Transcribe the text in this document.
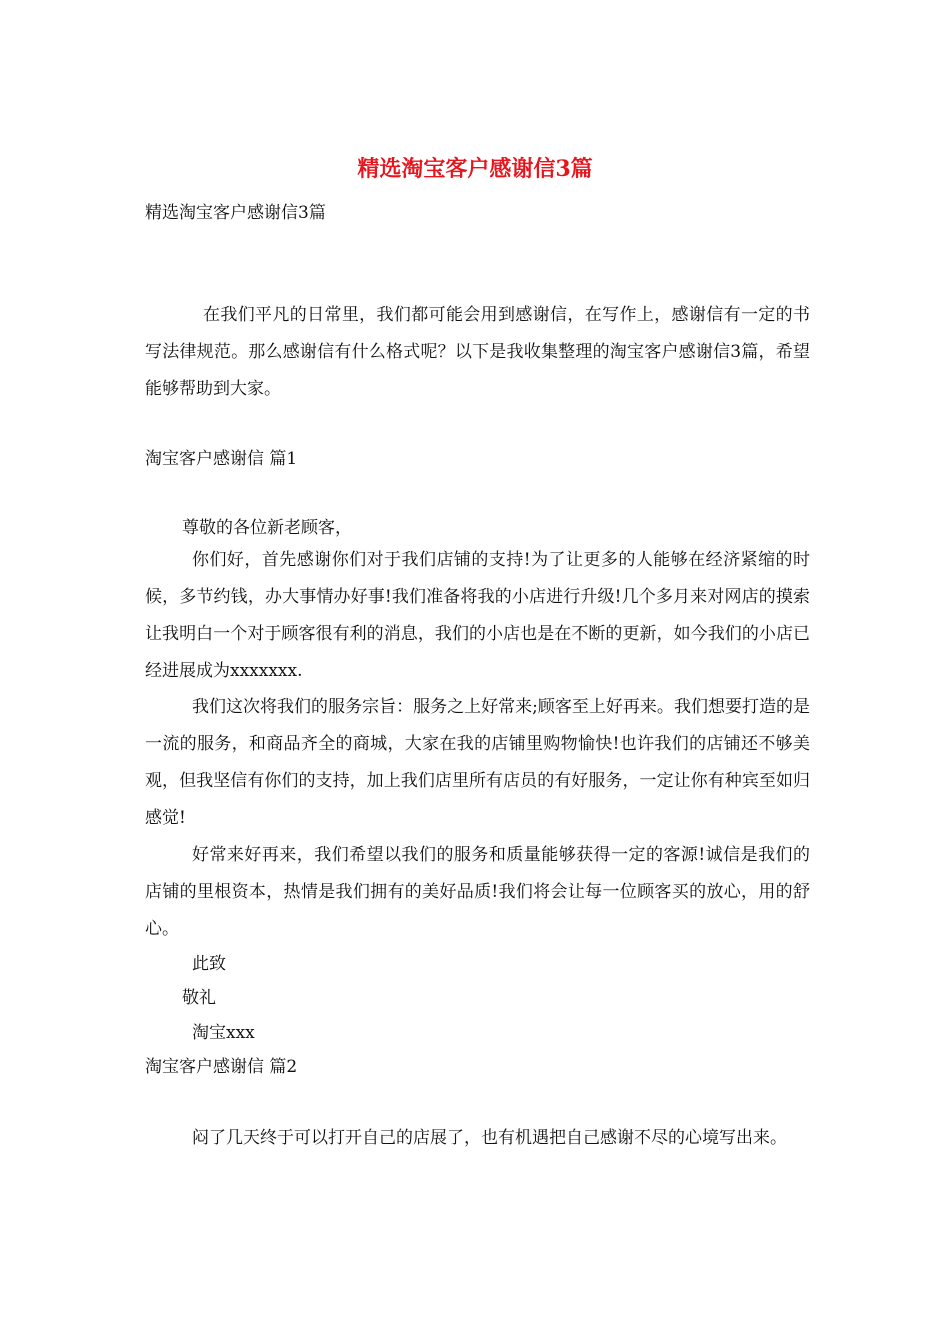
精选淘宝客户感谢信3篇

精选淘宝客户感谢信3篇

在我们平凡的日常里，我们都可能会用到感谢信，在写作上，感谢信有一定的书写法律规范。那么感谢信有什么格式呢？以下是我收集整理的淘宝客户感谢信3篇，希望能够帮助到大家。

淘宝客户感谢信 篇1

尊敬的各位新老顾客，

你们好，首先感谢你们对于我们店铺的支持!为了让更多的人能够在经济紧缩的时候，多节约钱，办大事情办好事!我们准备将我的小店进行升级!几个多月来对网店的摸索让我明白一个对于顾客很有利的消息，我们的小店也是在不断的更新，如今我们的小店已经进展成为xxxxxxx.

我们这次将我们的服务宗旨：服务之上好常来;顾客至上好再来。我们想要打造的是一流的服务，和商品齐全的商城，大家在我的店铺里购物愉快!也许我们的店铺还不够美观，但我坚信有你们的支持，加上我们店里所有店员的有好服务，一定让你有种宾至如归感觉!

好常来好再来，我们希望以我们的服务和质量能够获得一定的客源!诚信是我们的店铺的里根资本，热情是我们拥有的美好品质!我们将会让每一位顾客买的放心，用的舒心。

此致

敬礼

淘宝xxx

淘宝客户感谢信 篇2

闷了几天终于可以打开自己的店展了，也有机遇把自己感谢不尽的心境写出来。
